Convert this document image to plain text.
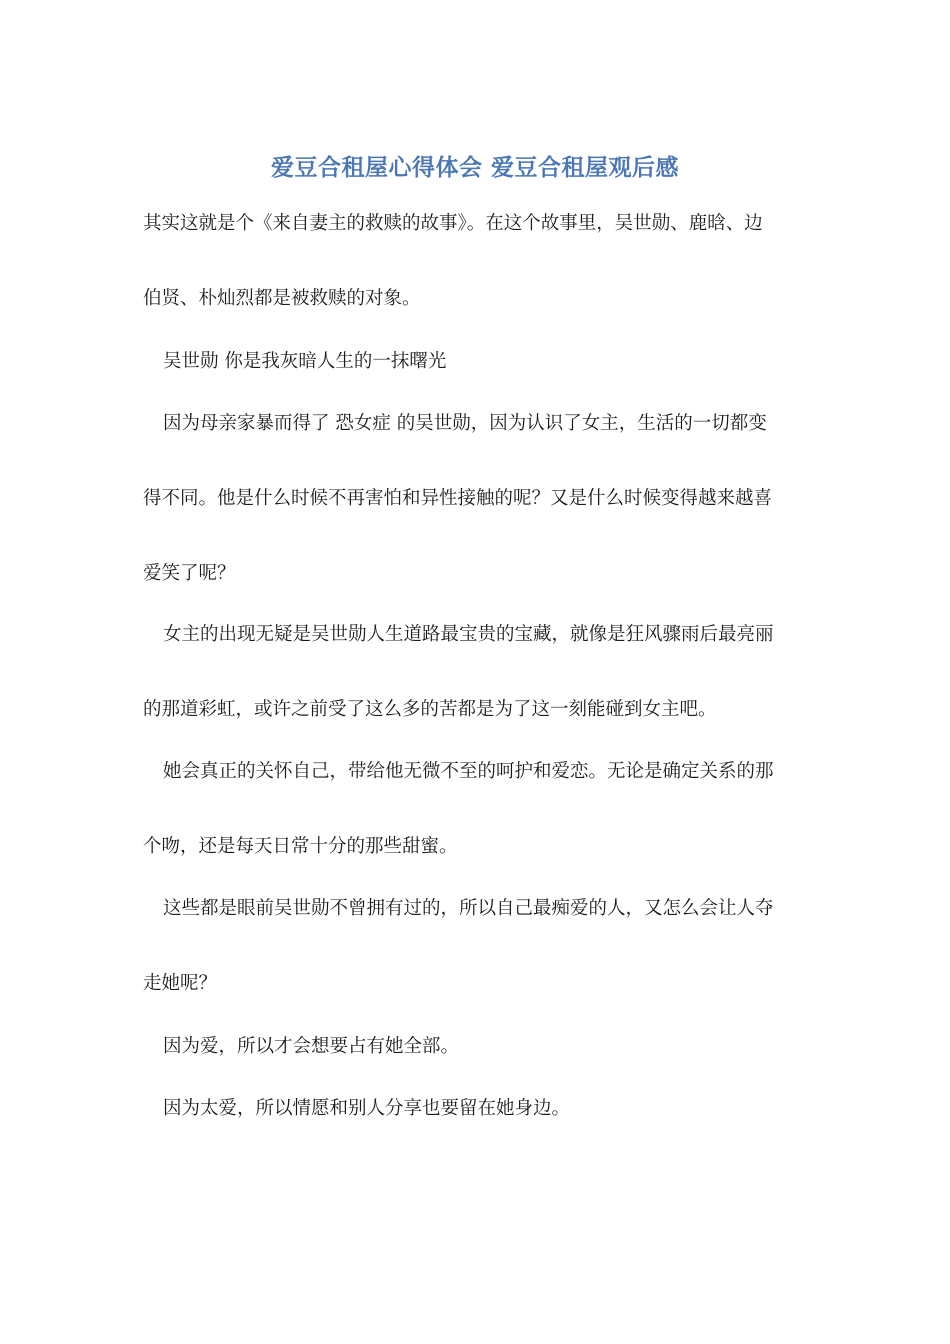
爱豆合租屋心得体会 爱豆合租屋观后感
其实这就是个《来自妻主的救赎的故事》。在这个故事里，吴世勋、鹿晗、边
伯贤、朴灿烈都是被救赎的对象。
吴世勋 你是我灰暗人生的一抹曙光
因为母亲家暴而得了 恐女症 的吴世勋，因为认识了女主，生活的一切都变
得不同。他是什么时候不再害怕和异性接触的呢？又是什么时候变得越来越喜
爱笑了呢？
女主的出现无疑是吴世勋人生道路最宝贵的宝藏，就像是狂风骤雨后最亮丽
的那道彩虹，或许之前受了这么多的苦都是为了这一刻能碰到女主吧。
她会真正的关怀自己，带给他无微不至的呵护和爱恋。无论是确定关系的那
个吻，还是每天日常十分的那些甜蜜。
这些都是眼前吴世勋不曾拥有过的，所以自己最痴爱的人，又怎么会让人夺
走她呢？
因为爱，所以才会想要占有她全部。
因为太爱，所以情愿和别人分享也要留在她身边。
